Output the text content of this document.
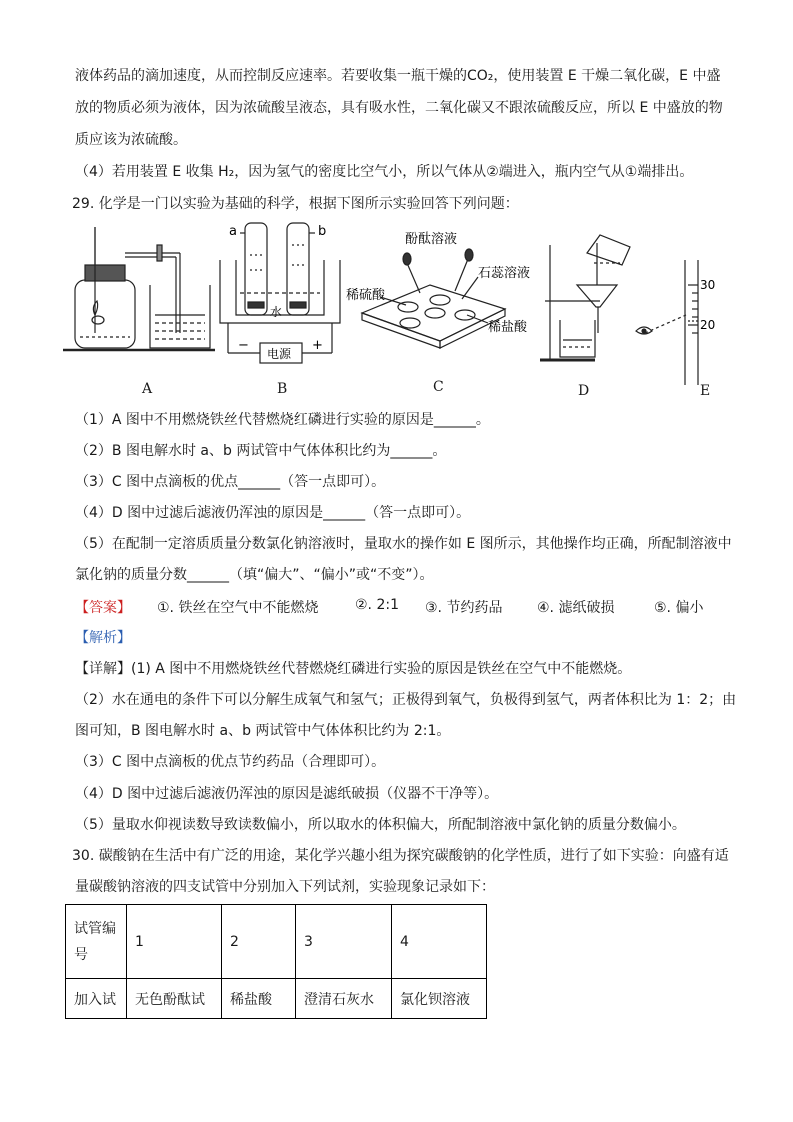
液体药品的滴加速度，从而控制反应速率。若要收集一瓶干燥的CO₂，使用装置 E 干燥二氧化碳，E 中盛
放的物质必须为液体，因为浓硫酸呈液态，具有吸水性，二氧化碳又不跟浓硫酸反应，所以 E 中盛放的物
质应该为浓硫酸。
（4）若用装置 E 收集 H₂，因为氢气的密度比空气小，所以气体从②端进入，瓶内空气从①端排出。
29. 化学是一门以实验为基础的科学，根据下图所示实验回答下列问题：
a	b
水
电源
−	+
酚酞溶液
石蕊溶液
稀硫酸
稀盐酸
30
20
A	B	C	D	E
（1）A 图中不用燃烧铁丝代替燃烧红磷进行实验的原因是______。
（2）B 图电解水时 a、b 两试管中气体体积比约为______。
（3）C 图中点滴板的优点______（答一点即可）。
（4）D 图中过滤后滤液仍浑浊的原因是______（答一点即可）。
（5）在配制一定溶质质量分数氯化钠溶液时，量取水的操作如 E 图所示，其他操作均正确，所配制溶液中
氯化钠的质量分数______（填“偏大”、“偏小”或“不变”）。
【答案】 ①. 铁丝在空气中不能燃烧	②. 2:1 ③. 节约药品 ④. 滤纸破损	⑤. 偏小
【解析】
【详解】(1) A 图中不用燃烧铁丝代替燃烧红磷进行实验的原因是铁丝在空气中不能燃烧。
（2）水在通电的条件下可以分解生成氧气和氢气；正极得到氧气，负极得到氢气，两者体积比为 1：2；由
图可知，B 图电解水时 a、b 两试管中气体体积比约为 2:1。
（3）C 图中点滴板的优点节约药品（合理即可）。
（4）D 图中过滤后滤液仍浑浊的原因是滤纸破损（仪器不干净等）。
（5）量取水仰视读数导致读数偏小，所以取水的体积偏大，所配制溶液中氯化钠的质量分数偏小。
30. 碳酸钠在生活中有广泛的用途，某化学兴趣小组为探究碳酸钠的化学性质，进行了如下实验：向盛有适
量碳酸钠溶液的四支试管中分别加入下列试剂，实验现象记录如下：
试管编
号	1	2	3	4
加入试	无色酚酞试	稀盐酸	澄清石灰水	氯化钡溶液
